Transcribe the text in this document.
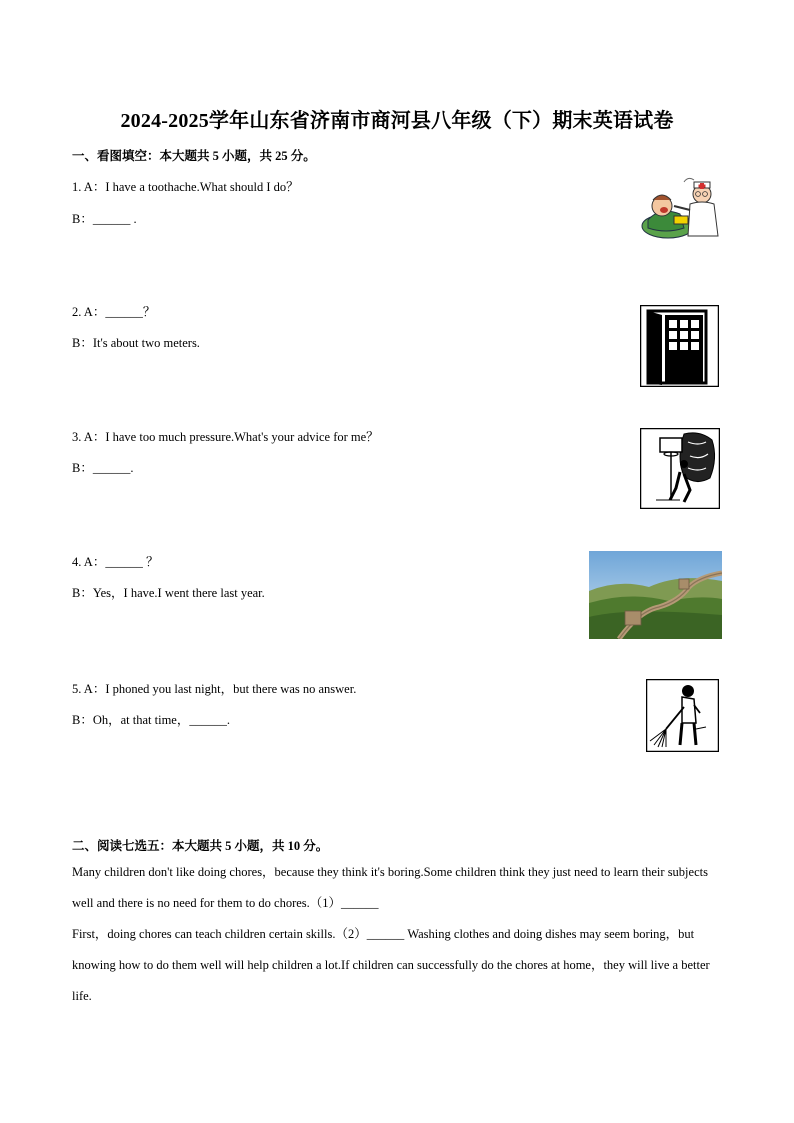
2024-2025学年山东省济南市商河县八年级（下）期末英语试卷
一、看图填空：本大题共 5 小题，共 25 分。
1. A：I have a toothache.What should I do？
B：______ .
2. A：______？
B：It's about two meters.
3. A：I have too much pressure.What's your advice for me？
B：______.
4. A：______ ？
B：Yes，I have.I went there last year.
5. A：I phoned you last night，but there was no answer.
B：Oh，at that time，______.
二、阅读七选五：本大题共 5 小题，共 10 分。

Many children don't like doing chores，because they think it's boring.Some children think they just need to learn their subjects well and there is no need for them to do chores.（1）______

First，doing chores can teach children certain skills.（2）______ Washing clothes and doing dishes may seem boring，but knowing how to do them well will help children a lot.If children can successfully do the chores at home，they will live a better life.
